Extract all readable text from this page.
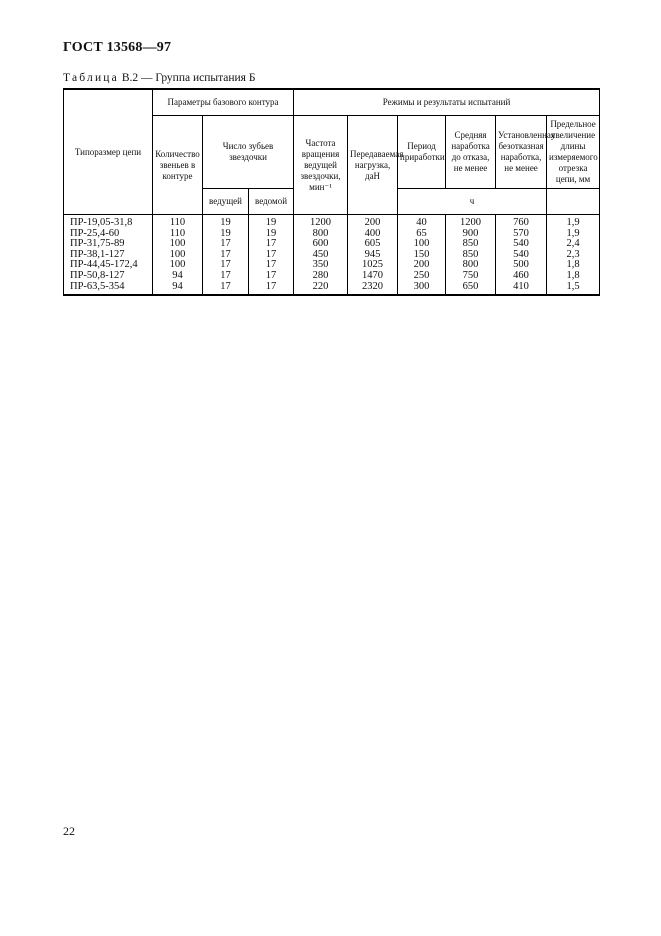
ГОСТ 13568—97
Таблица В.2 — Группа испытания Б
Типоразмер цепи	Параметры базового контура			Режимы и результаты испытаний					
	Количество звеньев в контуре	Число зубьев звездочки		Частота вращения ведущей звездочки, мин⁻¹	Передаваемая нагрузка, даН	Период приработки	Средняя наработка до отказа, не менее	Установленная безотказная наработка, не менее	Предельное увеличение длины измеряемого отрезка цепи, мм
		ведущей	ведомой			ч			
ПР-19,05-31,8	110	19	19	1200	200	40	1200	760	1,9
ПР-25,4-60	110	19	19	800	400	65	900	570	1,9
ПР-31,75-89	100	17	17	600	605	100	850	540	2,4
ПР-38,1-127	100	17	17	450	945	150	850	540	2,3
ПР-44,45-172,4	100	17	17	350	1025	200	800	500	1,8
ПР-50,8-127	94	17	17	280	1470	250	750	460	1,8
ПР-63,5-354	94	17	17	220	2320	300	650	410	1,5
22
